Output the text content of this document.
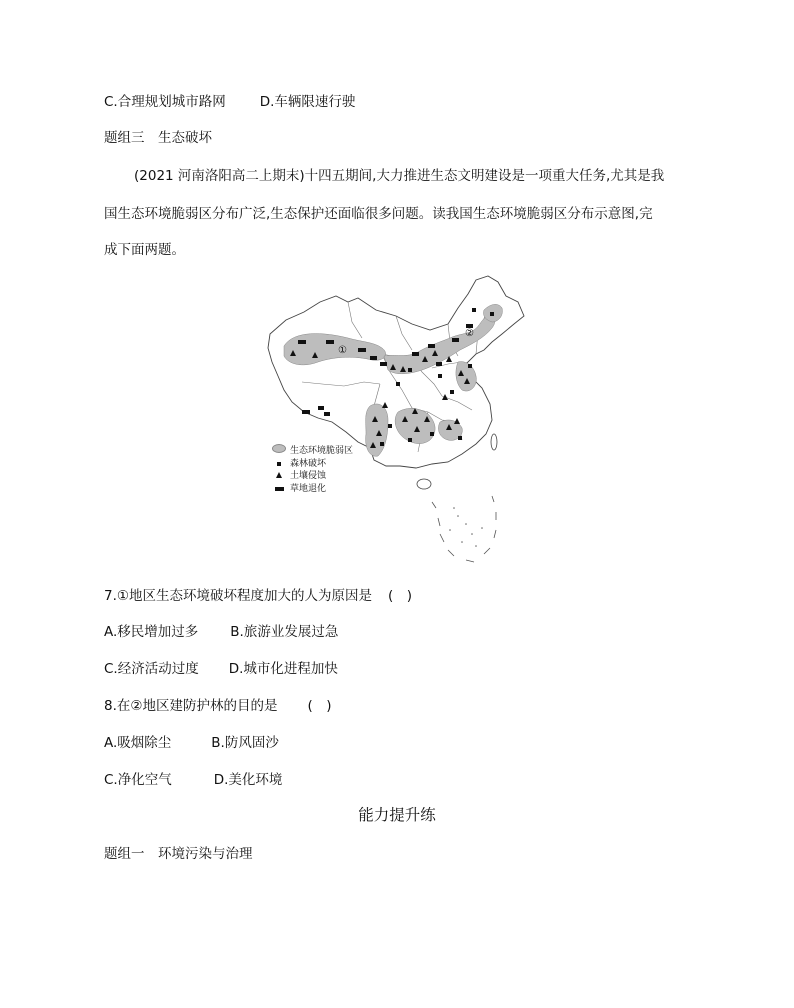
C.合理规划城市路网	D.车辆限速行驶
题组三　生态破坏
(2021 河南洛阳高二上期末)十四五期间,大力推进生态文明建设是一项重大任务,尤其是我
国生态环境脆弱区分布广泛,生态保护还面临很多问题。读我国生态环境脆弱区分布示意图,完
成下面两题。
①
②
生态环境脆弱区
森林破坏
土壤侵蚀
草地退化
7.①地区生态环境破坏程度加大的人为原因是 (　)
A.移民增加过多 B.旅游业发展过急
C.经济活动过度 D.城市化进程加快
8.在②地区建防护林的目的是 (　)
A.吸烟除尘	B.防风固沙
C.净化空气	D.美化环境
能力提升练
题组一　环境污染与治理
